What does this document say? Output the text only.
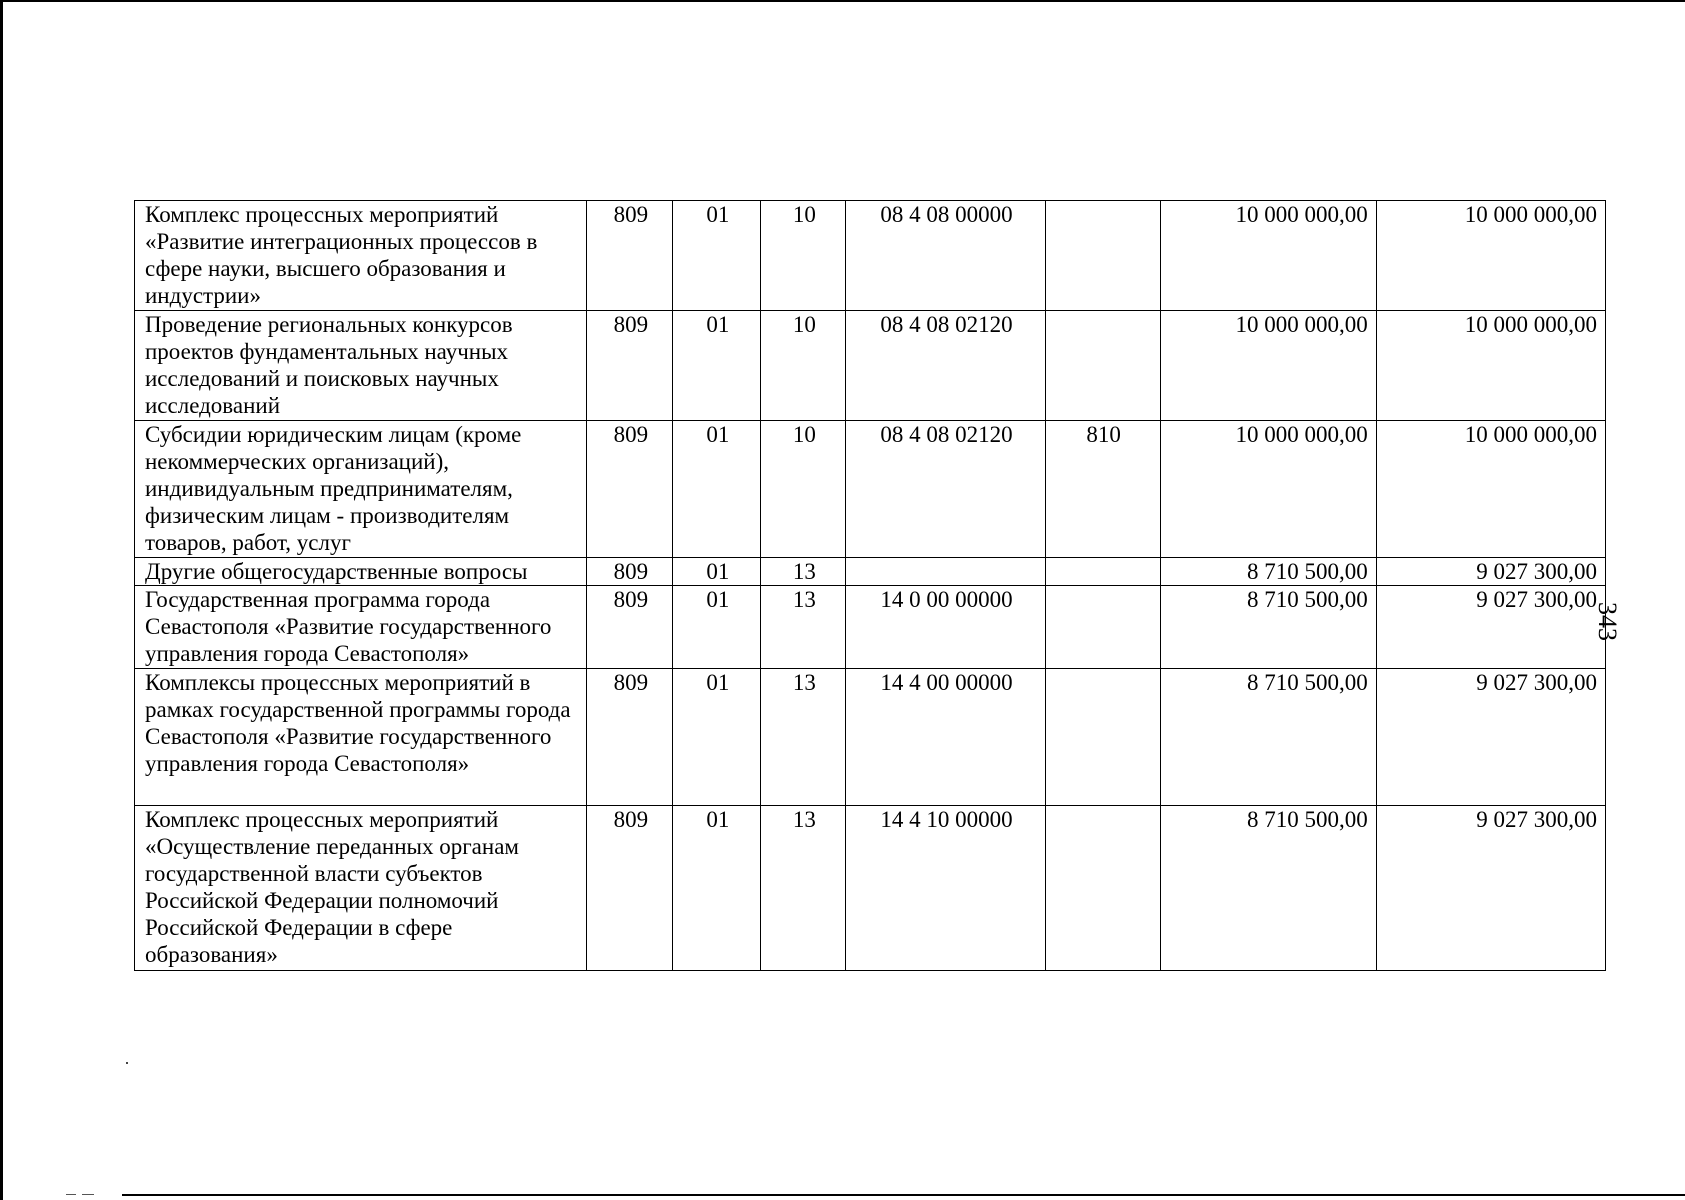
Комплекс процессных мероприятий «Развитие интеграционных процессов в сфере науки, высшего образования и индустрии»	809	01	10	08 4 08 00000		10 000 000,00	10 000 000,00
Проведение региональных конкурсов проектов фундаментальных научных исследований и поисковых научных исследований	809	01	10	08 4 08 02120		10 000 000,00	10 000 000,00
Субсидии юридическим лицам (кроме некоммерческих организаций), индивидуальным предпринимателям, физическим лицам - производителям товаров, работ, услуг	809	01	10	08 4 08 02120	810	10 000 000,00	10 000 000,00
Другие общегосударственные вопросы	809	01	13			8 710 500,00	9 027 300,00
Государственная программа города Севастополя «Развитие государственного управления города Севастополя»	809	01	13	14 0 00 00000		8 710 500,00	9 027 300,00
Комплексы процессных мероприятий в рамках государственной программы города Севастополя «Развитие государственного управления города Севастополя»	809	01	13	14 4 00 00000		8 710 500,00	9 027 300,00
Комплекс процессных мероприятий «Осуществление переданных органам государственной власти субъектов Российской Федерации полномочий Российской Федерации в сфере образования»	809	01	13	14 4 10 00000		8 710 500,00	9 027 300,00
343
